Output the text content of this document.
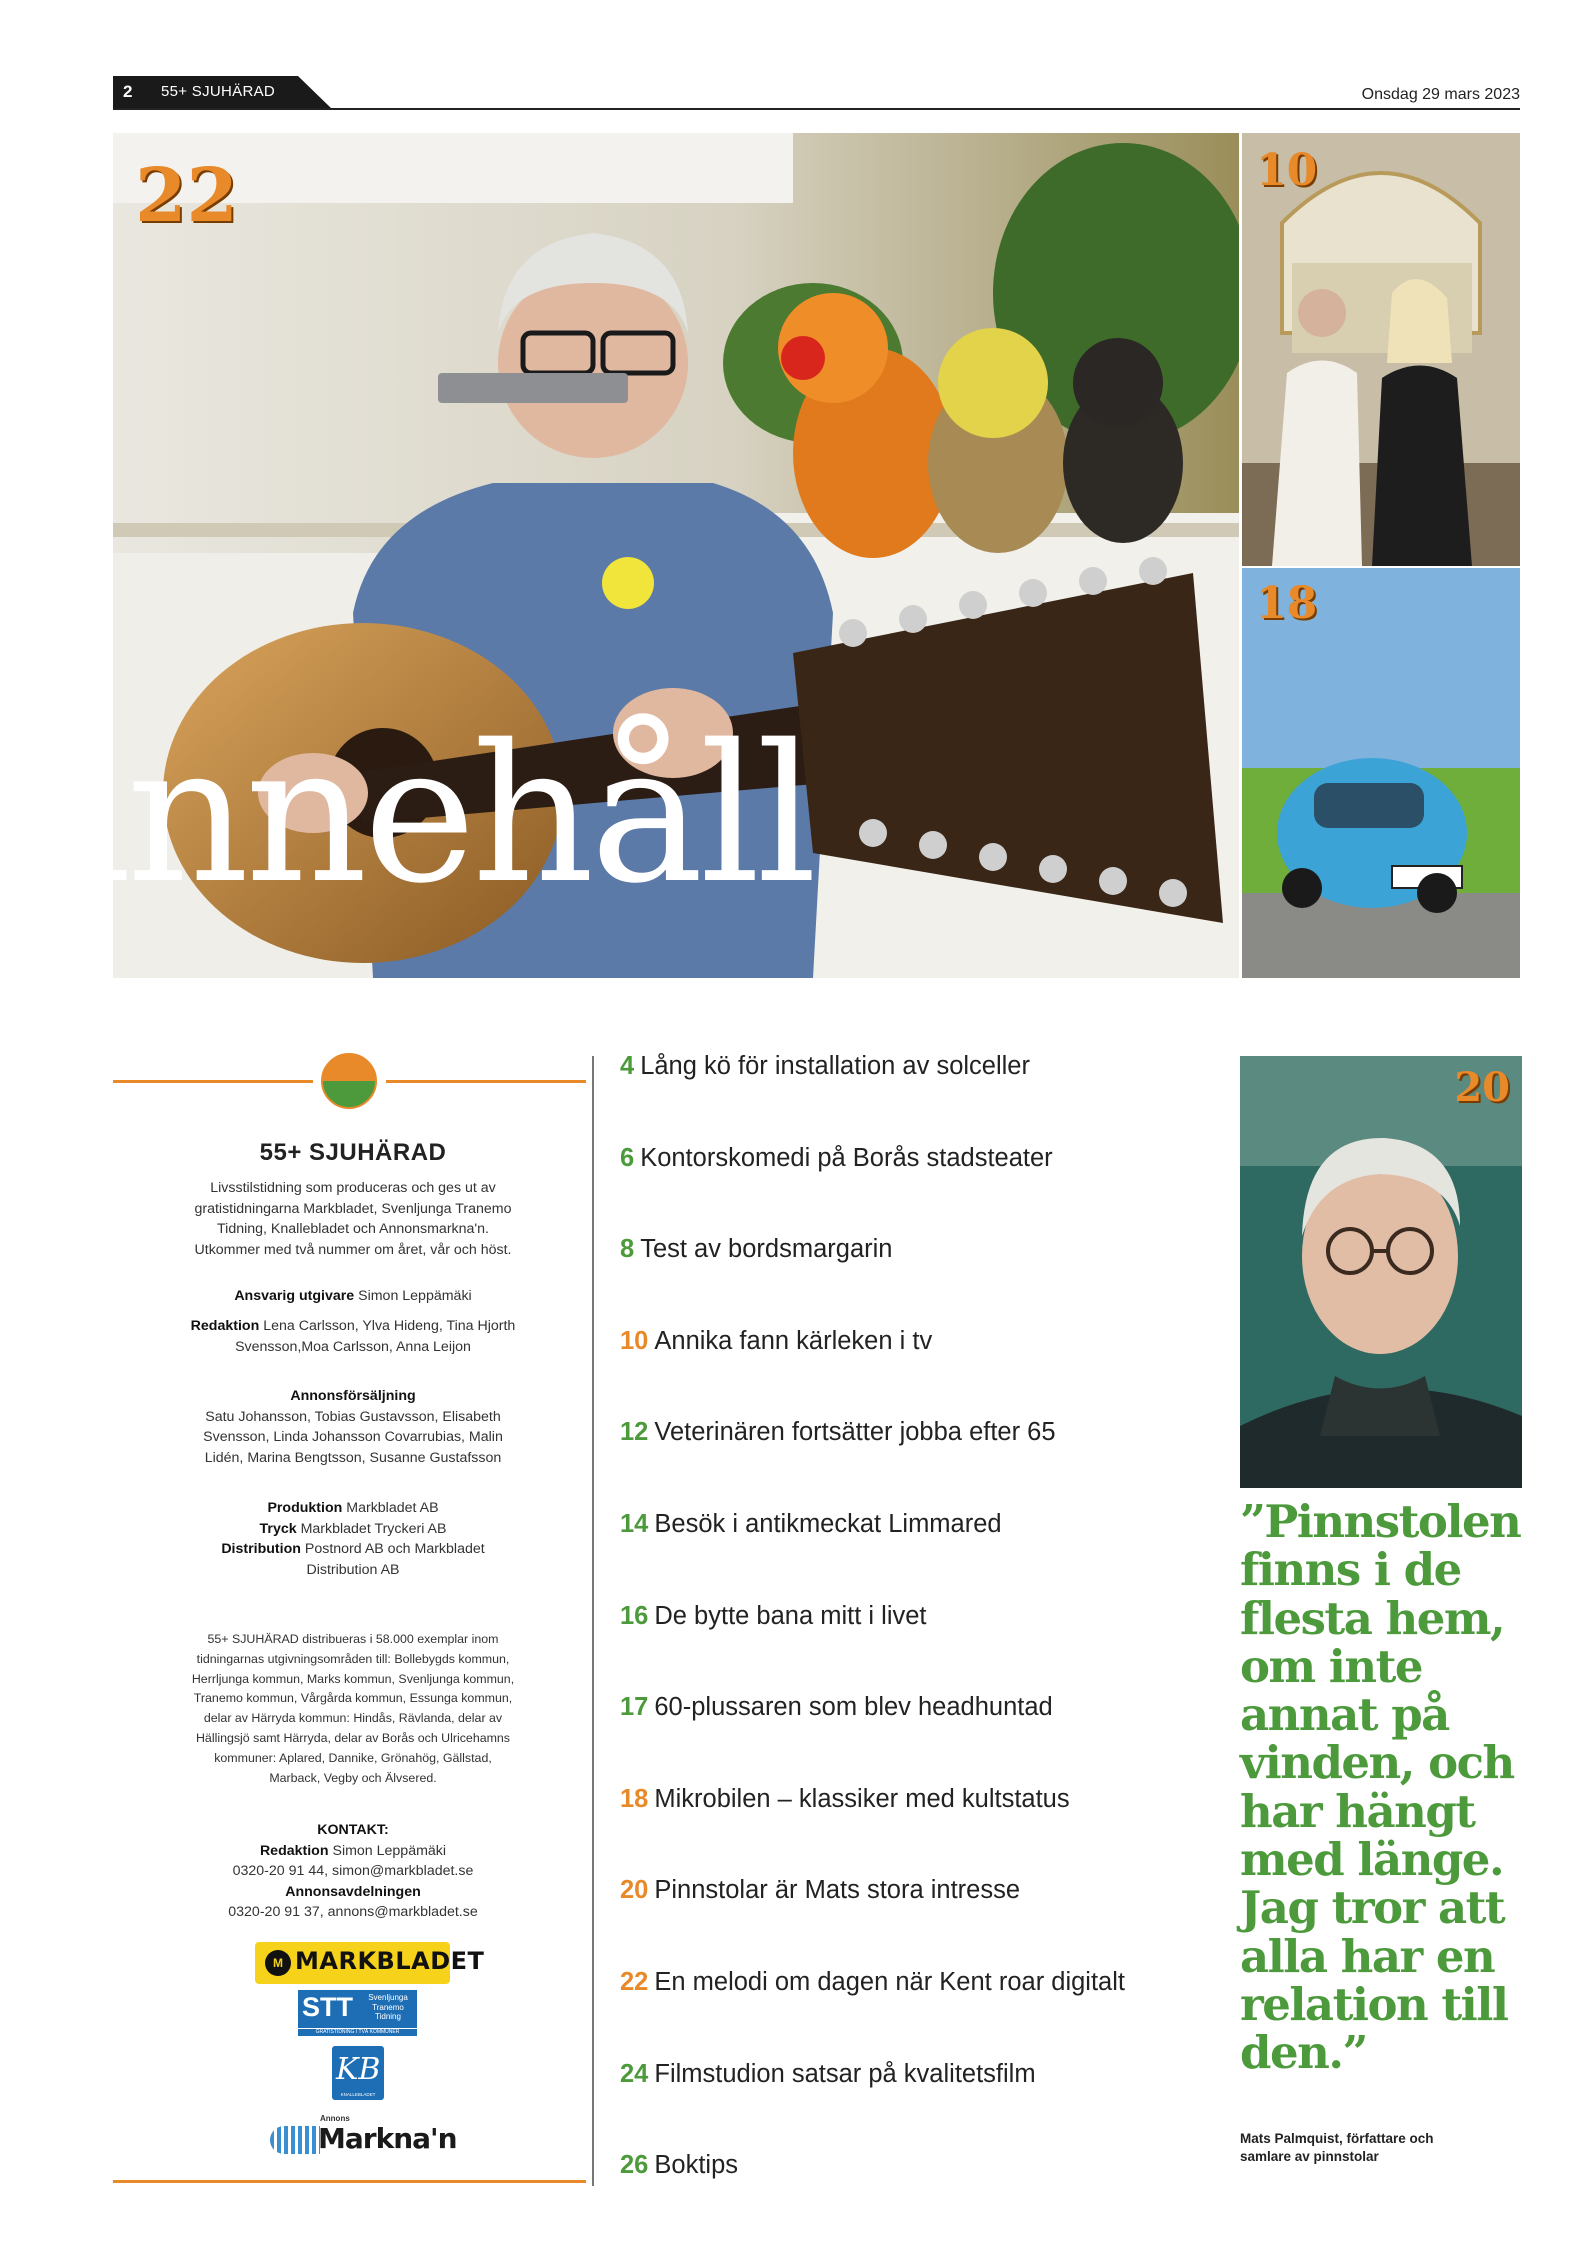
2 55+ SJUHÄRAD	Onsdag 29 mars 2023
22
innehåll
10
18
55+ SJUHÄRAD
Livsstilstidning som produceras och ges ut av gratistidningarna Markbladet, Svenljunga Tranemo Tidning, Knallebladet och Annonsmarkna'n. Utkommer med två nummer om året, vår och höst.
Ansvarig utgivare Simon Leppämäki
Redaktion Lena Carlsson, Ylva Hideng, Tina Hjorth Svensson,Moa Carlsson, Anna Leijon
Annonsförsäljning
Satu Johansson, Tobias Gustavsson, Elisabeth Svensson, Linda Johansson Covarrubias, Malin Lidén, Marina Bengtsson, Susanne Gustafsson
Produktion Markbladet AB
Tryck Markbladet Tryckeri AB
Distribution Postnord AB och Markbladet Distribution AB
55+ SJUHÄRAD distribueras i 58.000 exemplar inom tidningarnas utgivningsområden till: Bollebygds kommun, Herrljunga kommun, Marks kommun, Svenljunga kommun, Tranemo kommun, Vårgårda kommun, Essunga kommun, delar av Härryda kommun: Hindås, Rävlanda, delar av Hällingsjö samt Härryda, delar av Borås och Ulricehamns kommuner: Aplared, Dannike, Grönahög, Gällstad, Marback, Vegby och Älvsered.
KONTAKT:
Redaktion Simon Leppämäki
0320-20 91 44, simon@markbladet.se
Annonsavdelningen
0320-20 91 37, annons@markbladet.se
M MARKBLADET
STT	Svenljunga Tranemo Tidning
GRATISTIDNING I TVÅ KOMMUNER
KB
KNALLEBLADET
Annons
Markna'n
4 Lång kö för installation av solceller
6 Kontorskomedi på Borås stadsteater
8 Test av bordsmargarin
10 Annika fann kärleken i tv
12 Veterinären fortsätter jobba efter 65
14 Besök i antikmeckat Limmared
16 De bytte bana mitt i livet
17 60-plussaren som blev headhuntad
18 Mikrobilen – klassiker med kultstatus
20 Pinnstolar är Mats stora intresse
22 En melodi om dagen när Kent roar digitalt
24 Filmstudion satsar på kvalitetsfilm
26 Boktips
20
”Pinnstolen finns i de flesta hem, om inte annat på vinden, och har hängt med länge. Jag tror att alla har en relation till den.”
Mats Palmquist, författare och samlare av pinnstolar
